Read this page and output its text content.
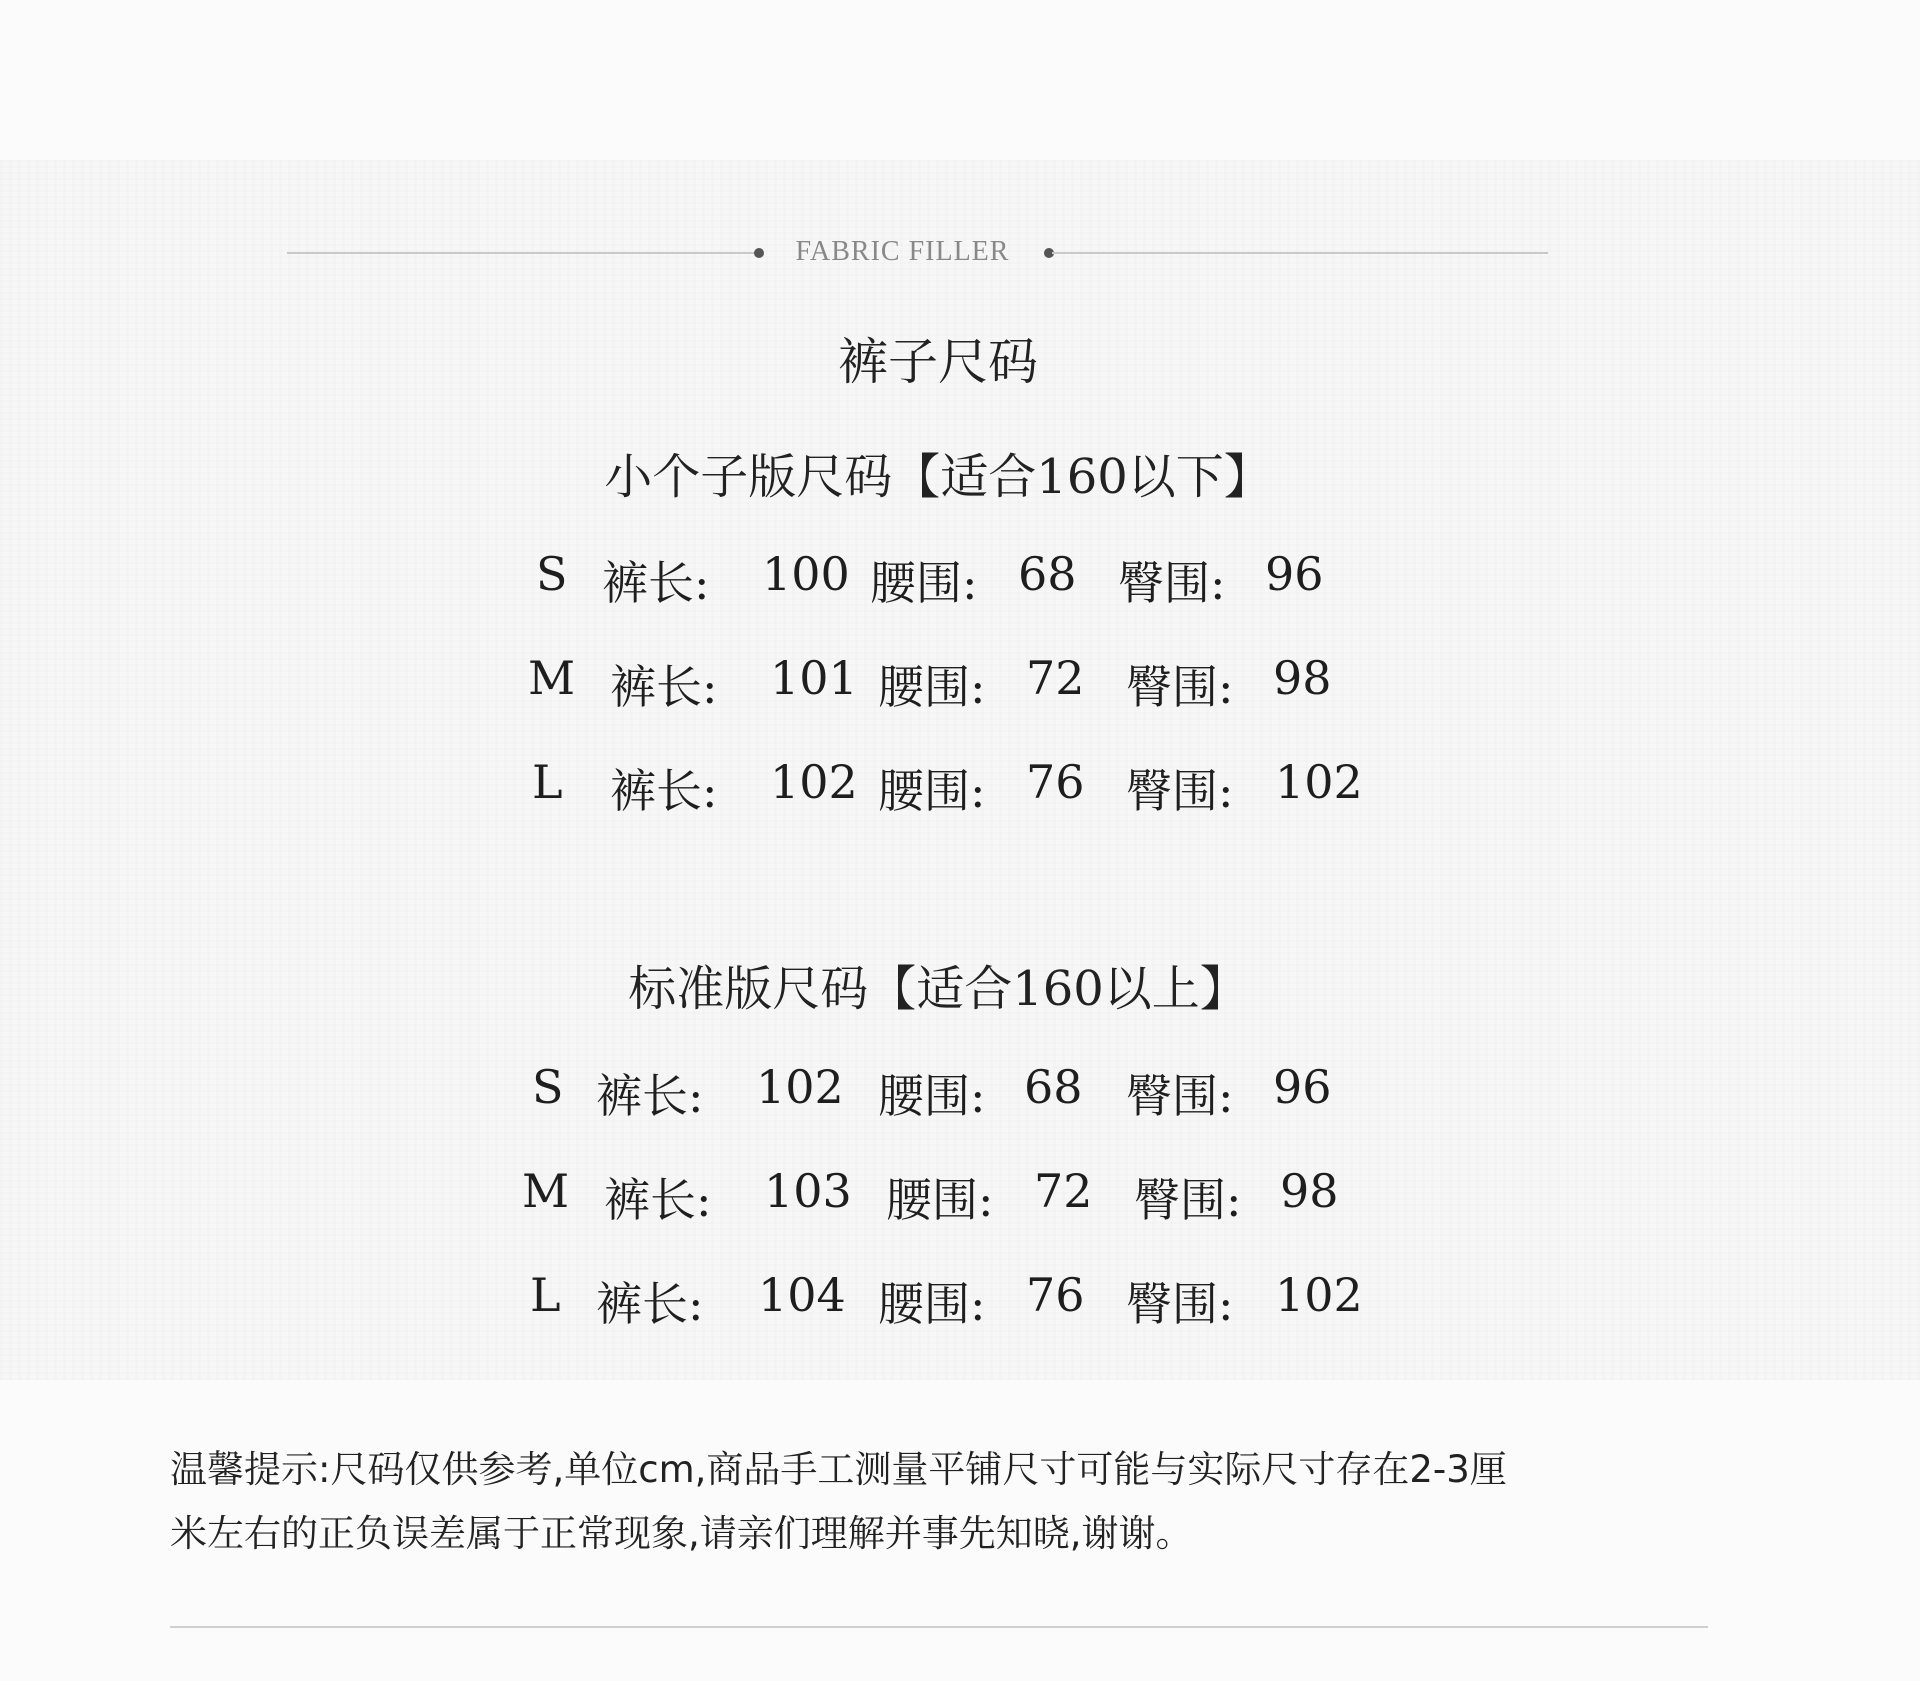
FABRIC FILLER
裤子尺码
小个子版尺码【适合160以下】
S 裤长: 100 腰围: 68 臀围: 96
M 裤长: 101 腰围: 72 臀围: 98
L 裤长: 102 腰围: 76 臀围: 102
标准版尺码【适合160以上】
S 裤长: 102 腰围: 68 臀围: 96
M 裤长: 103 腰围: 72 臀围: 98
L 裤长: 104 腰围: 76 臀围: 102
温馨提示:尺码仅供参考,单位cm,商品手工测量平铺尺寸可能与实际尺寸存在2-3厘
米左右的正负误差属于正常现象,请亲们理解并事先知晓,谢谢。
